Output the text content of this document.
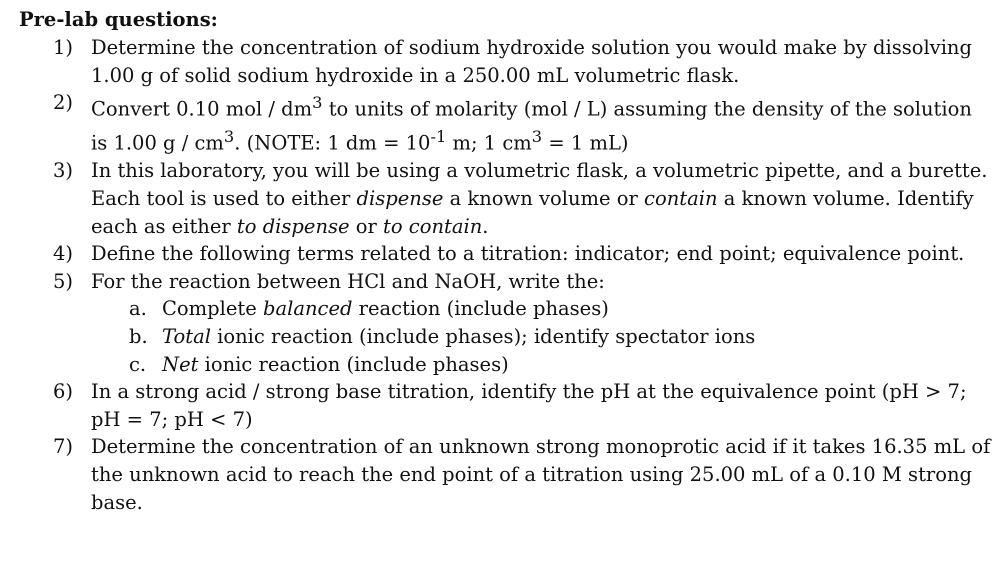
Pre-lab questions:

1) Determine the concentration of sodium hydroxide solution you would make by dissolving 1.00 g of solid sodium hydroxide in a 250.00 mL volumetric flask.
2) Convert 0.10 mol / $dm^3$ to units of molarity (mol / L) assuming the density of the solution is 1.00 g / $cm^3$. (NOTE: 1 dm = $10^{-1}$ m; 1 $cm^3 = 1$ mL)
3) In this laboratory, you will be using a volumetric flask, a volumetric pipette, and a burette. Each tool is used to either dispense a known volume or contain a known volume. Identify each as either to dispense or to contain.
4) Define the following terms related to a titration: indicator; end point; equivalence point.
5) For the reaction between HCl and NaOH, write the:
a. Complete balanced reaction (include phases)
b. Total ionic reaction (include phases); identify spectator ions
c. Net ionic reaction (include phases)
6) In a strong acid / strong base titration, identify the pH at the equivalence point (pH > 7; pH = 7; pH < 7)
7) Determine the concentration of an unknown strong monoprotic acid if it takes 16.35 mL of the unknown acid to reach the end point of a titration using 25.00 mL of a 0.10 M strong base.
